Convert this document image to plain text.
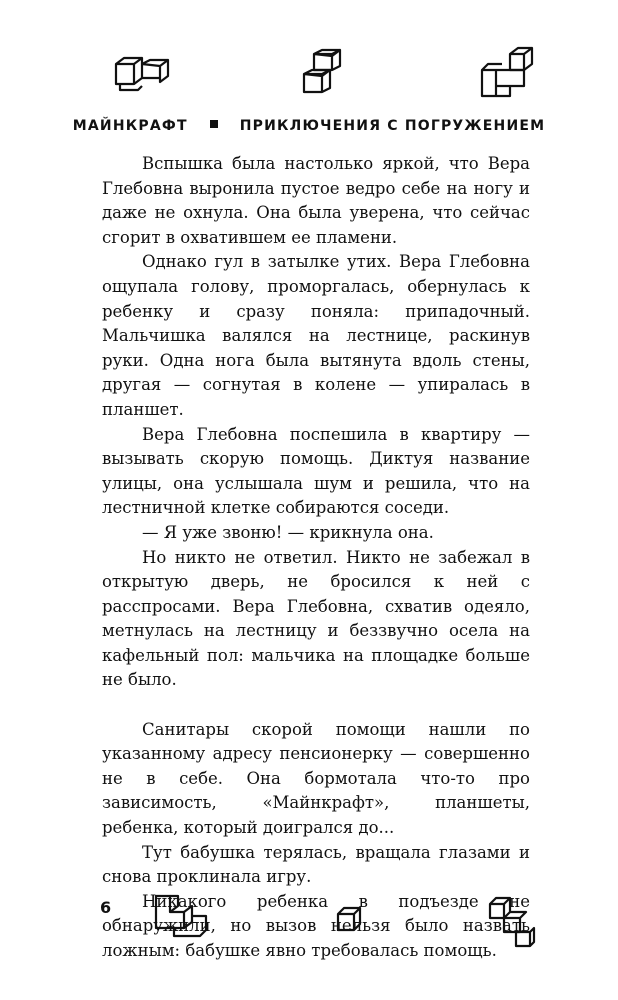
МАЙНКРАФТ	ПРИКЛЮЧЕНИЯ С ПОГРУЖЕНИЕМ

Вспышка была настолько яркой, что Вера Глебовна выронила пустое ведро себе на ногу и даже не охнула. Она была уверена, что сейчас сгорит в охватившем ее пламени.

Однако гул в затылке утих. Вера Глебовна ощупала голову, проморгалась, обернулась к ребенку и сразу поняла: припадочный. Мальчишка валялся на лестнице, раскинув руки. Одна нога была вытянута вдоль стены, другая — согнутая в колене — упиралась в планшет.

Вера Глебовна поспешила в квартиру — вызывать скорую помощь. Диктуя название улицы, она услышала шум и решила, что на лестничной клетке собираются соседи.

— Я уже звоню! — крикнула она.

Но никто не ответил. Никто не забежал в открытую дверь, не бросился к ней с расспросами. Вера Глебовна, схватив одеяло, метнулась на лестницу и беззвучно осела на кафельный пол: мальчика на площадке больше не было.

Санитары скорой помощи нашли по указанному адресу пенсионерку — совершенно не в себе. Она бормотала что-то про зависимость, «Майнкрафт», планшеты, ребенка, который доигрался до...

Тут бабушка терялась, вращала глазами и снова проклинала игру.

Никакого ребенка в подъезде не обнаружили, но вызов нельзя было назвать ложным: бабушке явно требовалась помощь.

6
